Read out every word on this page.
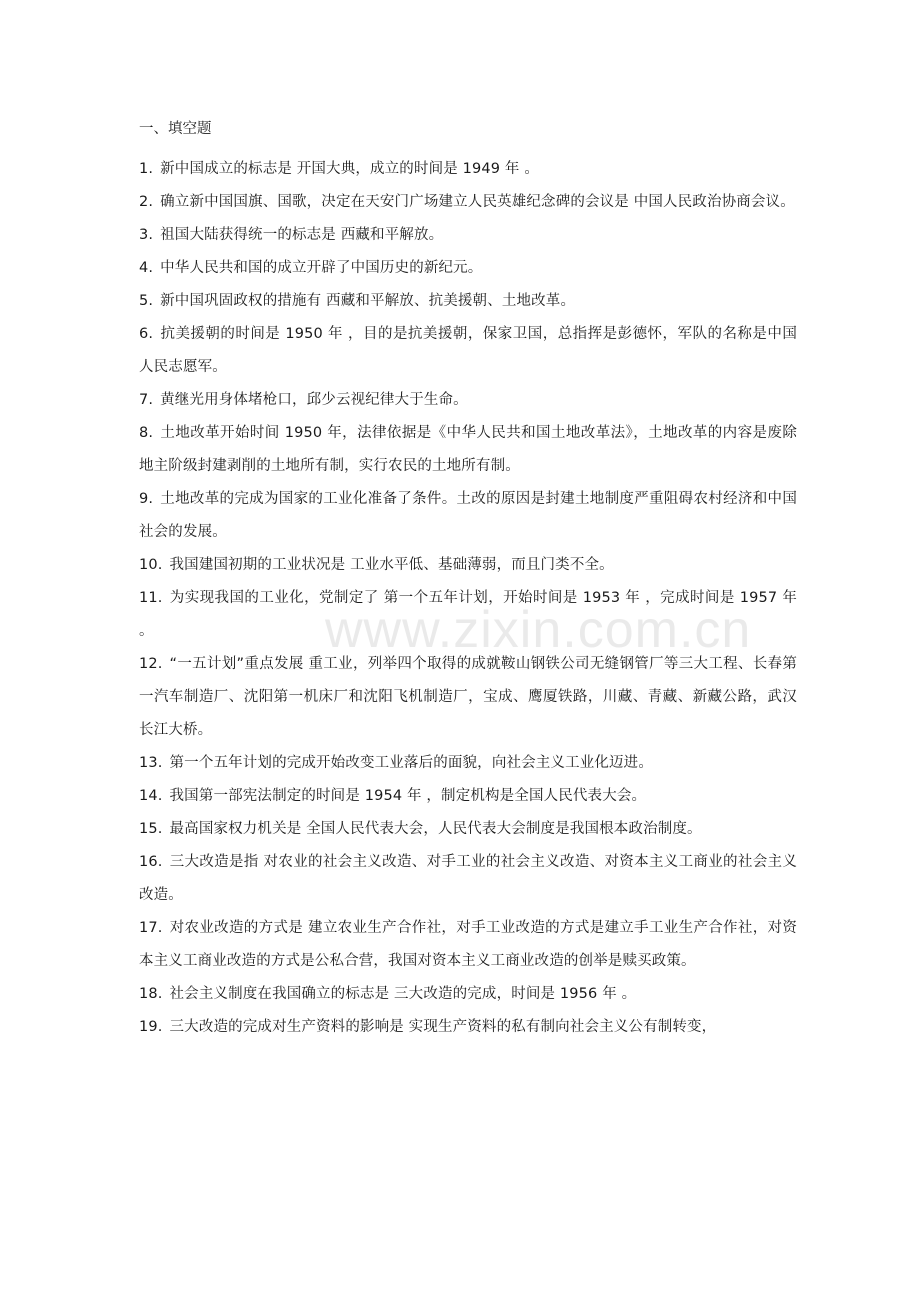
www.zixin.com.cn
一、填空题

1. 新中国成立的标志是 开国大典，成立的时间是 1949 年 。

2. 确立新中国国旗、国歌，决定在天安门广场建立人民英雄纪念碑的会议是 中国人民政治协商会议。

3. 祖国大陆获得统一的标志是 西藏和平解放。

4. 中华人民共和国的成立开辟了中国历史的新纪元。

5. 新中国巩固政权的措施有 西藏和平解放、抗美援朝、土地改革。

6. 抗美援朝的时间是 1950 年 ，目的是抗美援朝，保家卫国，总指挥是彭德怀，军队的名称是中国人民志愿军。

7. 黄继光用身体堵枪口，邱少云视纪律大于生命。

8. 土地改革开始时间 1950 年，法律依据是《中华人民共和国土地改革法》，土地改革的内容是废除地主阶级封建剥削的土地所有制，实行农民的土地所有制。

9. 土地改革的完成为国家的工业化准备了条件。土改的原因是封建土地制度严重阻碍农村经济和中国社会的发展。

10. 我国建国初期的工业状况是 工业水平低、基础薄弱，而且门类不全。

11. 为实现我国的工业化，党制定了 第一个五年计划，开始时间是 1953 年 ，完成时间是 1957 年 。

12. “一五计划”重点发展 重工业，列举四个取得的成就鞍山钢铁公司无缝钢管厂等三大工程、长春第一汽车制造厂、沈阳第一机床厂和沈阳飞机制造厂，宝成、鹰厦铁路，川藏、青藏、新藏公路，武汉长江大桥。

13. 第一个五年计划的完成开始改变工业落后的面貌，向社会主义工业化迈进。

14. 我国第一部宪法制定的时间是 1954 年 ，制定机构是全国人民代表大会。

15. 最高国家权力机关是 全国人民代表大会，人民代表大会制度是我国根本政治制度。

16. 三大改造是指 对农业的社会主义改造、对手工业的社会主义改造、对资本主义工商业的社会主义改造。

17. 对农业改造的方式是 建立农业生产合作社，对手工业改造的方式是建立手工业生产合作社，对资本主义工商业改造的方式是公私合营，我国对资本主义工商业改造的创举是赎买政策。

18. 社会主义制度在我国确立的标志是 三大改造的完成，时间是 1956 年 。

19. 三大改造的完成对生产资料的影响是 实现生产资料的私有制向社会主义公有制转变，
